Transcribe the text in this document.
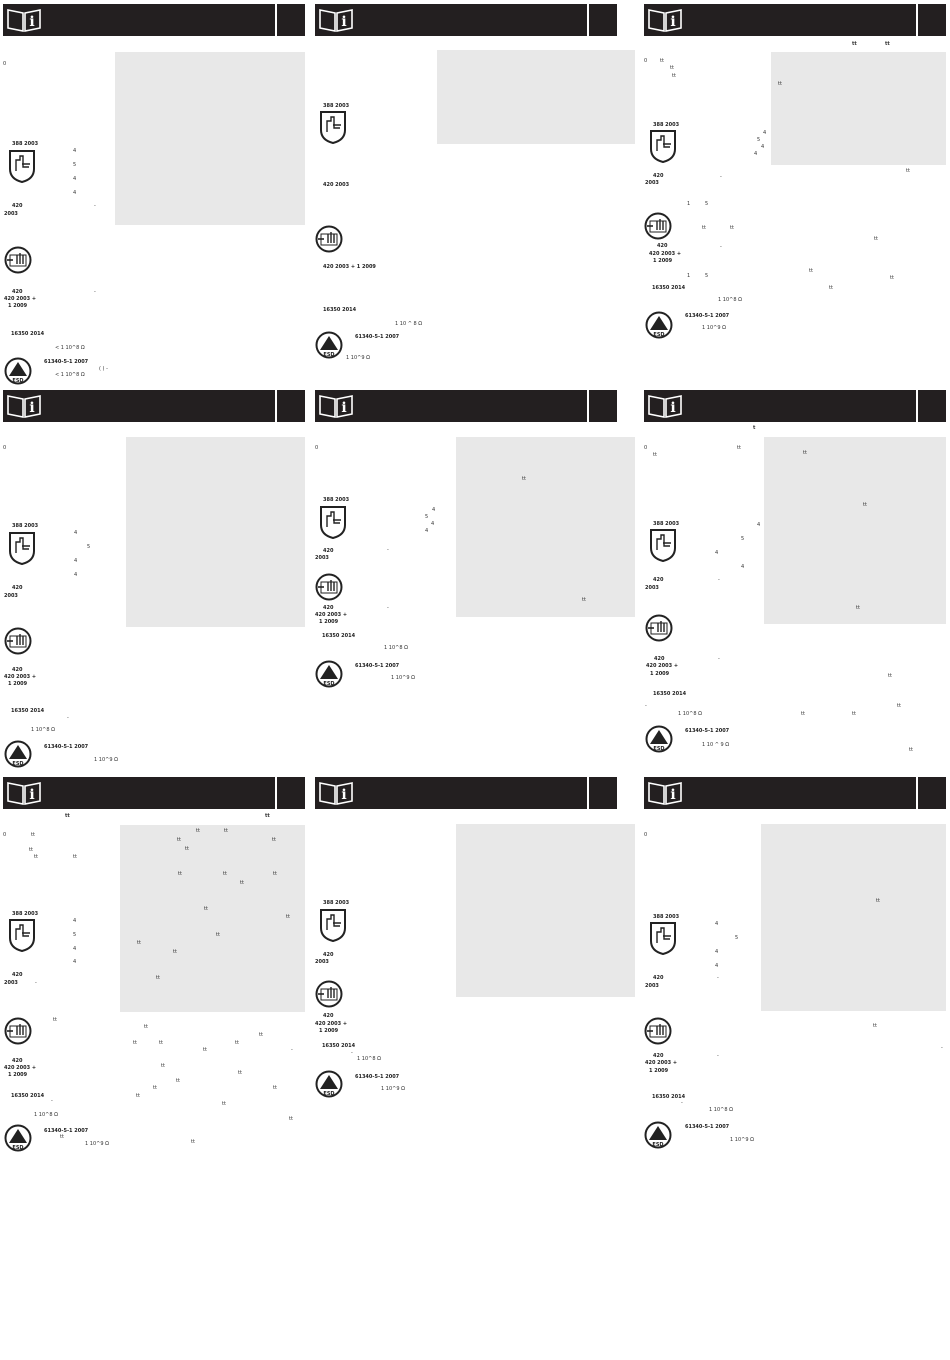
i
0
388 2003
4
5
4
4
420
2003
-
-
420
420 2003 +
1 2009
16350 2014
< 1 10^8 Ω
ESD
61340-5-1 2007
( ) -
< 1 10^8 Ω
i
388 2003
420 2003
420 2003 + 1 2009
16350 2014
1 10 ^ 8 Ω
ESD
61340-5-1 2007
1 10^9 Ω
i
tt	tt
0	tt
tt
tt
tt
388 2003
4
5
4
4
420
2003
-
1	5
tt	tt
420	-
420 2003 +
1 2009
1	5
16350 2014
1 10^8 Ω
ESD
61340-5-1 2007
1 10^9 Ω
tt
tt
tt
tt
tt
i
0
388 2003
4
5
4
4
420
2003
420
420 2003 +
1 2009
16350 2014
-
1 10^8 Ω
ESD
61340-5-1 2007
1 10^9 Ω
i
0
tt
tt
388 2003
4
5
4
4
420
2003
-
420	-
420 2003 +
1 2009
16350 2014
1 10^8 Ω
ESD
61340-5-1 2007
1 10^9 Ω
i
t
0	tt
tt	tt
tt
tt
388 2003	4
5
4
4
420
2003
-
420	-
420 2003 +
1 2009	tt
16350 2014
-
1 10^8 Ω	tt	tt
tt
ESD
61340-5-1 2007
1 10 ^ 9 Ω
tt
i
tt	tt
0	tt
tt
tt	tt
tt	tt
tt	tt
tt
tt	tt	tt
tt
tt
tt
tt
tt
tt
tt
388 2003
4
5
4
4
420
2003	-
tt
tt
tt
tt	tt	tt
tt	-
420
420 2003 +
1 2009
tt
tt
tt
tt	tt
tt
16350 2014
-	tt
1 10^8 Ω
tt
ESD
61340-5-1 2007
tt
1 10^9 Ω	tt
i
388 2003
420
2003
420
420 2003 +
1 2009
16350 2014
-
1 10^8 Ω
ESD
61340-5-1 2007
1 10^9 Ω
i
0
tt
388 2003
4
5
4
4
420
2003
-
tt
-
420	-
420 2003 +
1 2009
16350 2014
-
1 10^8 Ω
ESD
61340-5-1 2007
1 10^9 Ω
